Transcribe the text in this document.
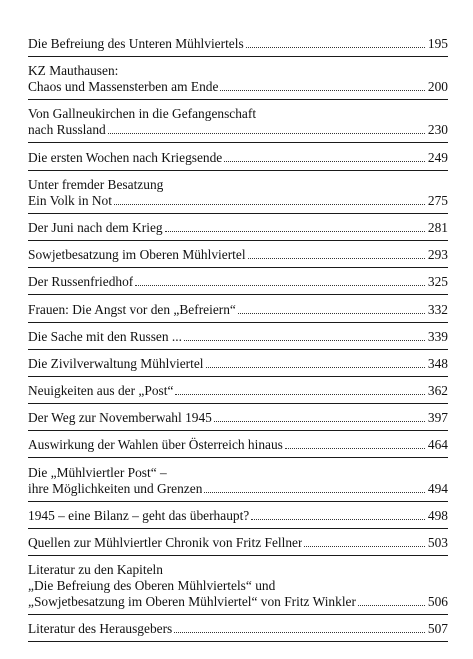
Die Befreiung des Unteren Mühlviertels	195
KZ Mauthausen:
Chaos und Massensterben am Ende	200
Von Gallneukirchen in die Gefangenschaft
nach Russland	230
Die ersten Wochen nach Kriegsende	249
Unter fremder Besatzung
Ein Volk in Not	275
Der Juni nach dem Krieg	281
Sowjetbesatzung im Oberen Mühlviertel	293
Der Russenfriedhof	325
Frauen: Die Angst vor den „Befreiern“	332
Die Sache mit den Russen ...	339
Die Zivilverwaltung Mühlviertel	348
Neuigkeiten aus der „Post“	362
Der Weg zur Novemberwahl 1945	397
Auswirkung der Wahlen über Österreich hinaus	464
Die „Mühlviertler Post“ –
ihre Möglichkeiten und Grenzen	494
1945 – eine Bilanz – geht das überhaupt?	498
Quellen zur Mühlviertler Chronik von Fritz Fellner	503
Literatur zu den Kapiteln
„Die Befreiung des Oberen Mühlviertels“ und
„Sowjetbesatzung im Oberen Mühlviertel“ von Fritz Winkler	506
Literatur des Herausgebers	507
